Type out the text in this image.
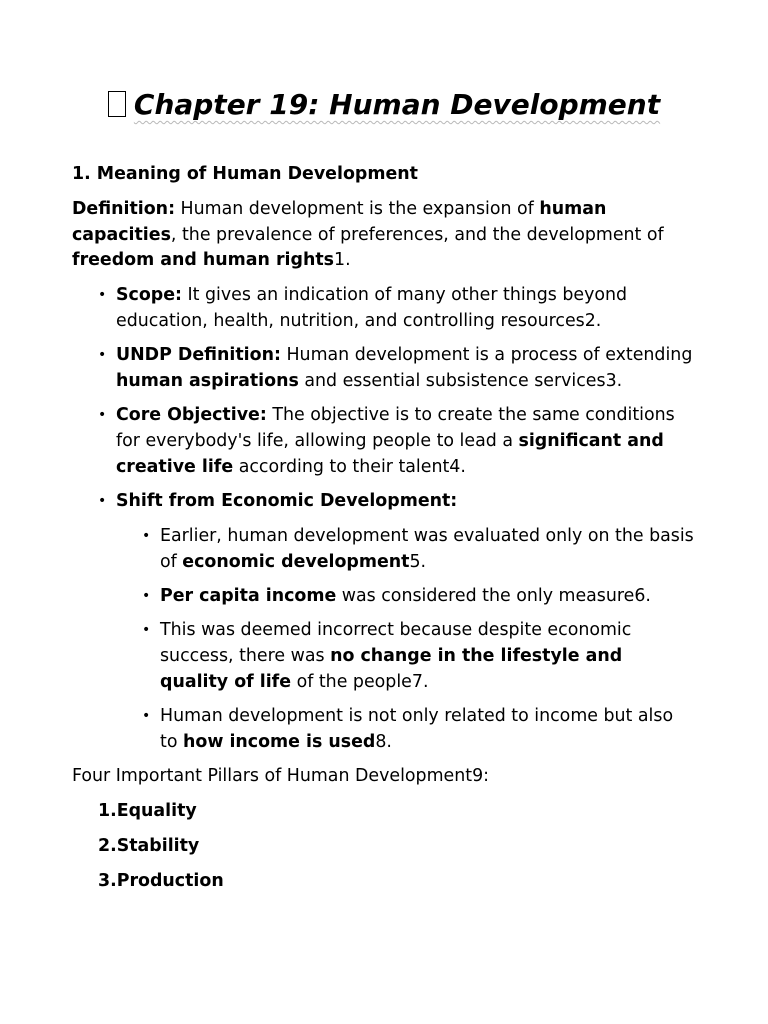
Chapter 19: Human Development
1. Meaning of Human Development

Definition: Human development is the expansion of human capacities, the prevalence of preferences, and the development of freedom and human rights1.

• Scope: It gives an indication of many other things beyond education, health, nutrition, and controlling resources2.
• UNDP Definition: Human development is a process of extending human aspirations and essential subsistence services3.
• Core Objective: The objective is to create the same conditions for everybody's life, allowing people to lead a significant and creative life according to their talent4.
• Shift from Economic Development:
• Earlier, human development was evaluated only on the basis of economic development5.
• Per capita income was considered the only measure6.
• This was deemed incorrect because despite economic success, there was no change in the lifestyle and quality of life of the people7.
• Human development is not only related to income but also to how income is used8.

Four Important Pillars of Human Development9:

1.Equality
2.Stability
3.Production
